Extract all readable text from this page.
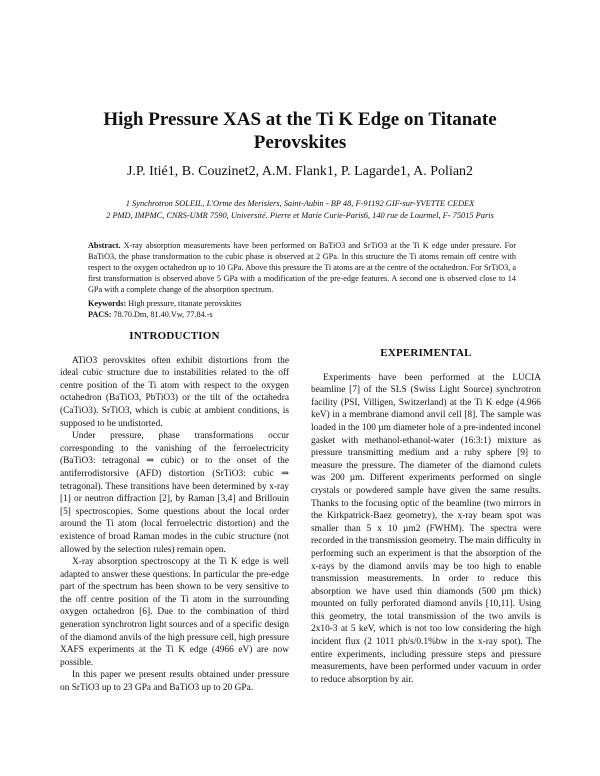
High Pressure XAS at the Ti K Edge on Titanate Perovskites
J.P. Itié1, B. Couzinet2, A.M. Flank1, P. Lagarde1, A. Polian2
1 Synchrotron SOLEIL, L'Orme des Merisiers, Saint-Aubin - BP 48, F-91192 GIF-sur-YVETTE CEDEX
2 PMD, IMPMC, CNRS-UMR 7590, Université. Pierre et Marie Curie-Paris6, 140 rue de Lourmel, F- 75015 Paris
Abstract. X-ray absorption measurements have been performed on BaTiO3 and SrTiO3 at the Ti K edge under pressure. For BaTiO3, the phase transformation to the cubic phase is observed at 2 GPa. In this structure the Ti atoms remain off centre with respect to the oxygen octahedron up to 10 GPa. Above this pressure the Ti atoms are at the centre of the octahedron. For SrTiO3, a first transformation is observed above 5 GPa with a modification of the pre-edge features. A second one is observed close to 14 GPa with a complete change of the absorption spectrum.
Keywords: High pressure, titanate perovskites
PACS: 78.70.Dm, 81.40.Vw, 77.84.-s
INTRODUCTION

ATiO3 perovskites often exhibit distortions from the ideal cubic structure due to instabilities related to the off centre position of the Ti atom with respect to the oxygen octahedron (BaTiO3, PbTiO3) or the tilt of the octahedra (CaTiO3). SrTiO3, which is cubic at ambient conditions, is supposed to be undistorted.

Under pressure, phase transformations occur corresponding to the vanishing of the ferroelectricity (BaTiO3: tetragonal ⇒ cubic) or to the onset of the antiferrodistorsive (AFD) distortion (SrTiO3: cubic ⇒ tetragonal). These transitions have been determined by x-ray [1] or neutron diffraction [2], by Raman [3,4] and Brillouin [5] spectroscopies. Some questions about the local order around the Ti atom (local ferroelectric distortion) and the existence of broad Raman modes in the cubic structure (not allowed by the selection rules) remain open.

X-ray absorption spectroscopy at the Ti K edge is well adapted to answer these questions. In particular the pre-edge part of the spectrum has been shown to be very sensitive to the off centre position of the Ti atom in the surrounding oxygen octahedron [6]. Due to the combination of third generation synchrotron light sources and of a specific design of the diamond anvils of the high pressure cell, high pressure XAFS experiments at the Ti K edge (4966 eV) are now possible.

In this paper we present results obtained under pressure on SrTiO3 up to 23 GPa and BaTiO3 up to 20 GPa.

EXPERIMENTAL

Experiments have been performed at the LUCIA beamline [7] of the SLS (Swiss Light Source) synchrotron facility (PSI, Villigen, Switzerland) at the Ti K edge (4.966 keV) in a membrane diamond anvil cell [8]. The sample was loaded in the 100 µm diameter hole of a pre-indented inconel gasket with methanol-ethanol-water (16:3:1) mixture as pressure transmitting medium and a ruby sphere [9] to measure the pressure. The diameter of the diamond culets was 200 µm. Different experiments performed on single crystals or powdered sample have given the same results. Thanks to the focusing optic of the beamline (two mirrors in the Kirkpatrick-Baez geometry), the x-ray beam spot was smaller than 5 x 10 µm2 (FWHM). The spectra were recorded in the transmission geometry. The main difficulty in performing such an experiment is that the absorption of the x-rays by the diamond anvils may be too high to enable transmission measurements. In order to reduce this absorption we have used thin diamonds (500 µm thick) mounted on fully perforated diamond anvils [10,11]. Using this geometry, the total transmission of the two anvils is 2x10-3 at 5 keV, which is not too low considering the high incident flux (2 1011 ph/s/0.1%bw in the x-ray spot). The entire experiments, including pressure steps and pressure measurements, have been performed under vacuum in order to reduce absorption by air.
